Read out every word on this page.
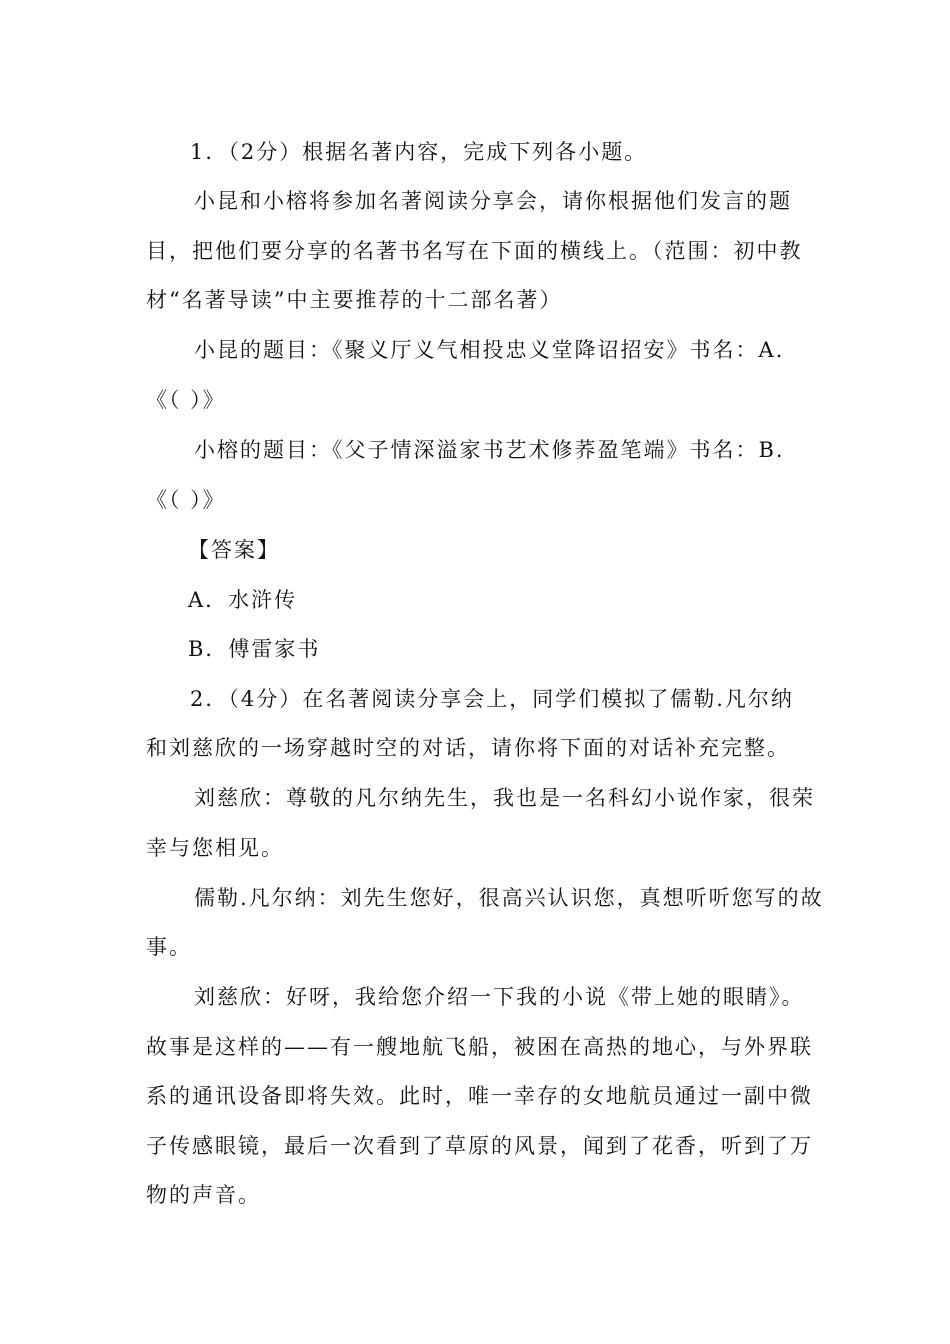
1．（2分）根据名著内容，完成下列各小题。
小昆和小榕将参加名著阅读分享会，请你根据他们发言的题
目，把他们要分享的名著书名写在下面的横线上。（范围：初中教
材“名著导读”中主要推荐的十二部名著）
小昆的题目：《聚义厅义气相投忠义堂降诏招安》书名：A.
《（ ）》
小榕的题目：《父子情深溢家书艺术修荞盈笔端》书名：B.
《（ ）》
【答案】
A．水浒传
B．傅雷家书
2．（4分）在名著阅读分享会上，同学们模拟了儒勒.凡尔纳
和刘慈欣的一场穿越时空的对话，请你将下面的对话补充完整。
刘慈欣：尊敬的凡尔纳先生，我也是一名科幻小说作家，很荣
幸与您相见。
儒勒.凡尔纳：刘先生您好，很高兴认识您，真想听听您写的故
事。
刘慈欣：好呀，我给您介绍一下我的小说《带上她的眼睛》。
故事是这样的——有一艘地航飞船，被困在高热的地心，与外界联
系的通讯设备即将失效。此时，唯一幸存的女地航员通过一副中微
子传感眼镜，最后一次看到了草原的风景，闻到了花香，听到了万
物的声音。
